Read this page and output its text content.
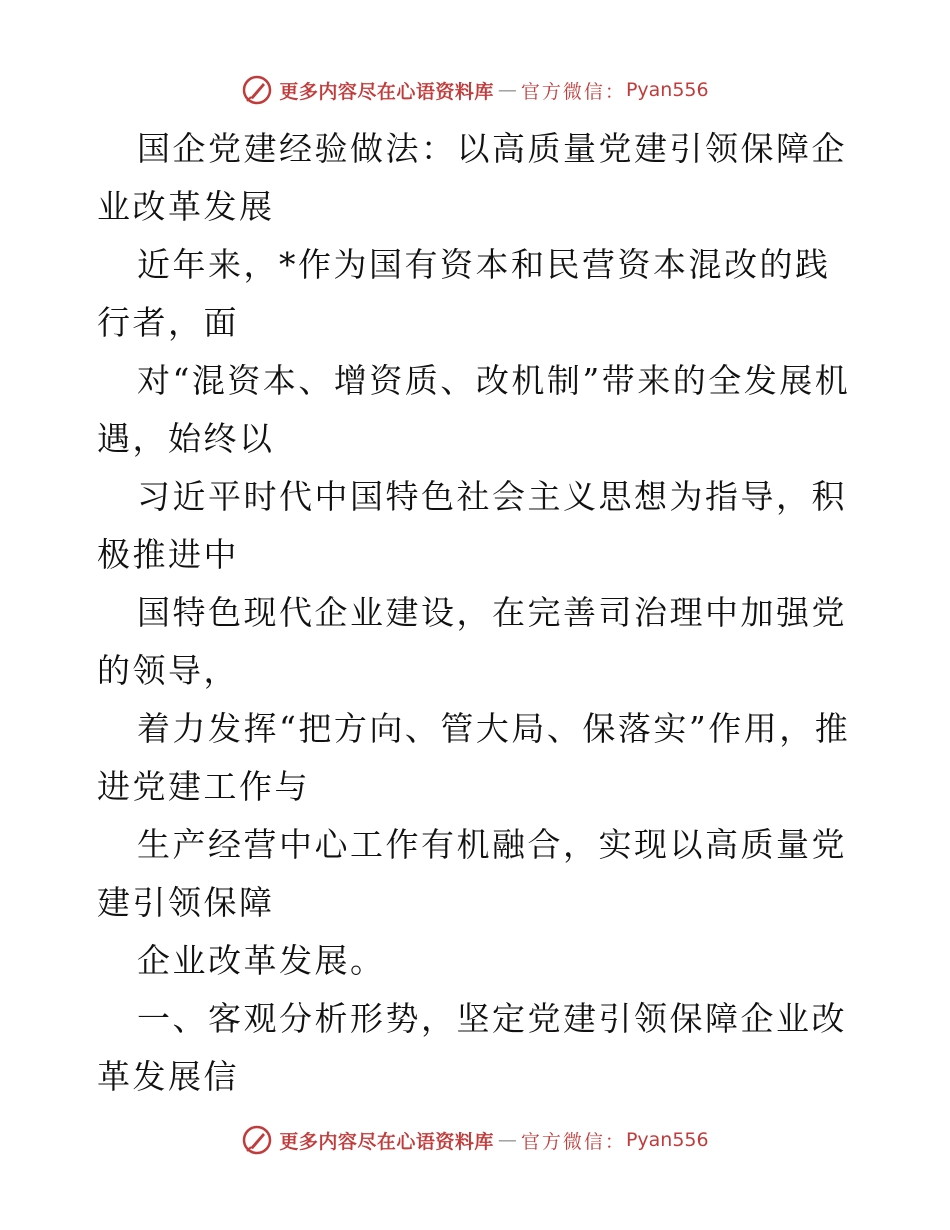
更多内容尽在心语资料库 — 官方微信： Pyan556

国企党建经验做法：以高质量党建引领保障企业改革发展

近年来，*作为国有资本和民营资本混改的践行者，面

对“混资本、增资质、改机制”带来的全发展机遇，始终以

习近平时代中国特色社会主义思想为指导，积极推进中

国特色现代企业建设，在完善司治理中加强党的领导，

着力发挥“把方向、管大局、保落实”作用，推进党建工作与

生产经营中心工作有机融合，实现以高质量党建引领保障

企业改革发展。

一、客观分析形势，坚定党建引领保障企业改革发展信

更多内容尽在心语资料库 — 官方微信： Pyan556
